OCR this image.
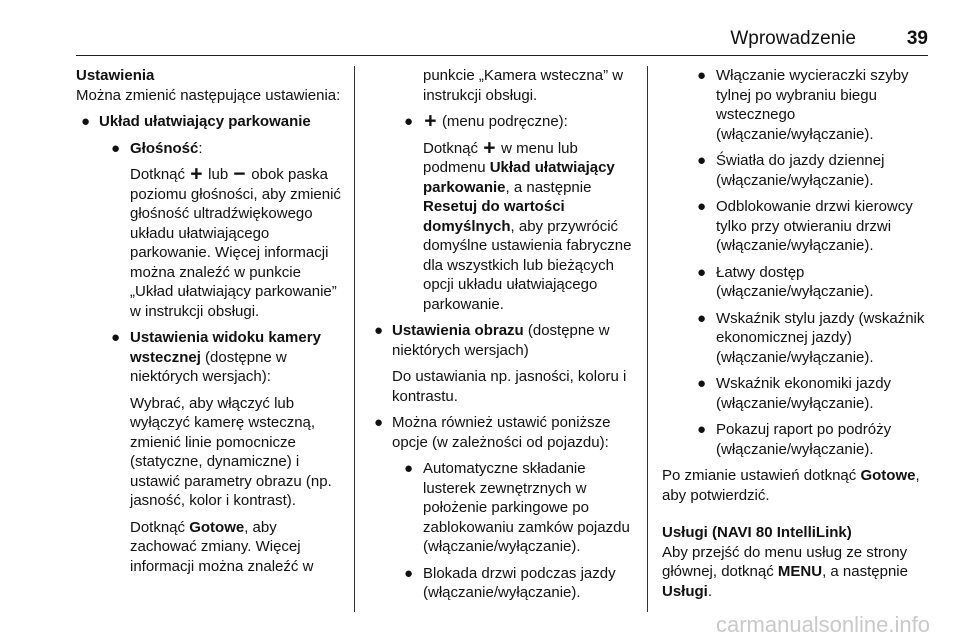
Wprowadzenie	39
Ustawienia

Można zmienić następujące ustawienia:

● Układ ułatwiający parkowanie
● Głośność:

Dotknąć + lub − obok paska poziomu głośności, aby zmienić głośność ultradźwiękowego układu ułatwiającego parkowanie. Więcej informacji można znaleźć w punkcie „Układ ułatwiający parkowanie” w instrukcji obsługi.

● Ustawienia widoku kamery wstecznej (dostępne w niektórych wersjach):

Wybrać, aby włączyć lub wyłączyć kamerę wsteczną, zmienić linie pomocnicze (statyczne, dynamiczne) i ustawić parametry obrazu (np. jasność, kolor i kontrast).

Dotknąć Gotowe, aby zachować zmiany. Więcej informacji można znaleźć w

punkcie „Kamera wsteczna” w instrukcji obsługi.

● + (menu podręczne):

Dotknąć + w menu lub podmenu Układ ułatwiający parkowanie, a następnie Resetuj do wartości domyślnych, aby przywrócić domyślne ustawienia fabryczne dla wszystkich lub bieżących opcji układu ułatwiającego parkowanie.

● Ustawienia obrazu (dostępne w niektórych wersjach)

Do ustawiania np. jasności, koloru i kontrastu.

● Można również ustawić poniższe opcje (w zależności od pojazdu):
● Automatyczne składanie lusterek zewnętrznych w położenie parkingowe po zablokowaniu zamków pojazdu (włączanie/wyłączanie).
● Blokada drzwi podczas jazdy (włączanie/wyłączanie).
● Włączanie wycieraczki szyby tylnej po wybraniu biegu wstecznego (włączanie/wyłączanie).
● Światła do jazdy dziennej (włączanie/wyłączanie).
● Odblokowanie drzwi kierowcy tylko przy otwieraniu drzwi (włączanie/wyłączanie).
● Łatwy dostęp (włączanie/wyłączanie).
● Wskaźnik stylu jazdy (wskaźnik ekonomicznej jazdy) (włączanie/wyłączanie).
● Wskaźnik ekonomiki jazdy (włączanie/wyłączanie).
● Pokazuj raport po podróży (włączanie/wyłączanie).

Po zmianie ustawień dotknąć Gotowe, aby potwierdzić.

Usługi (NAVI 80 IntelliLink)

Aby przejść do menu usług ze strony głównej, dotknąć MENU, a następnie Usługi.

carmanualsonline.info
